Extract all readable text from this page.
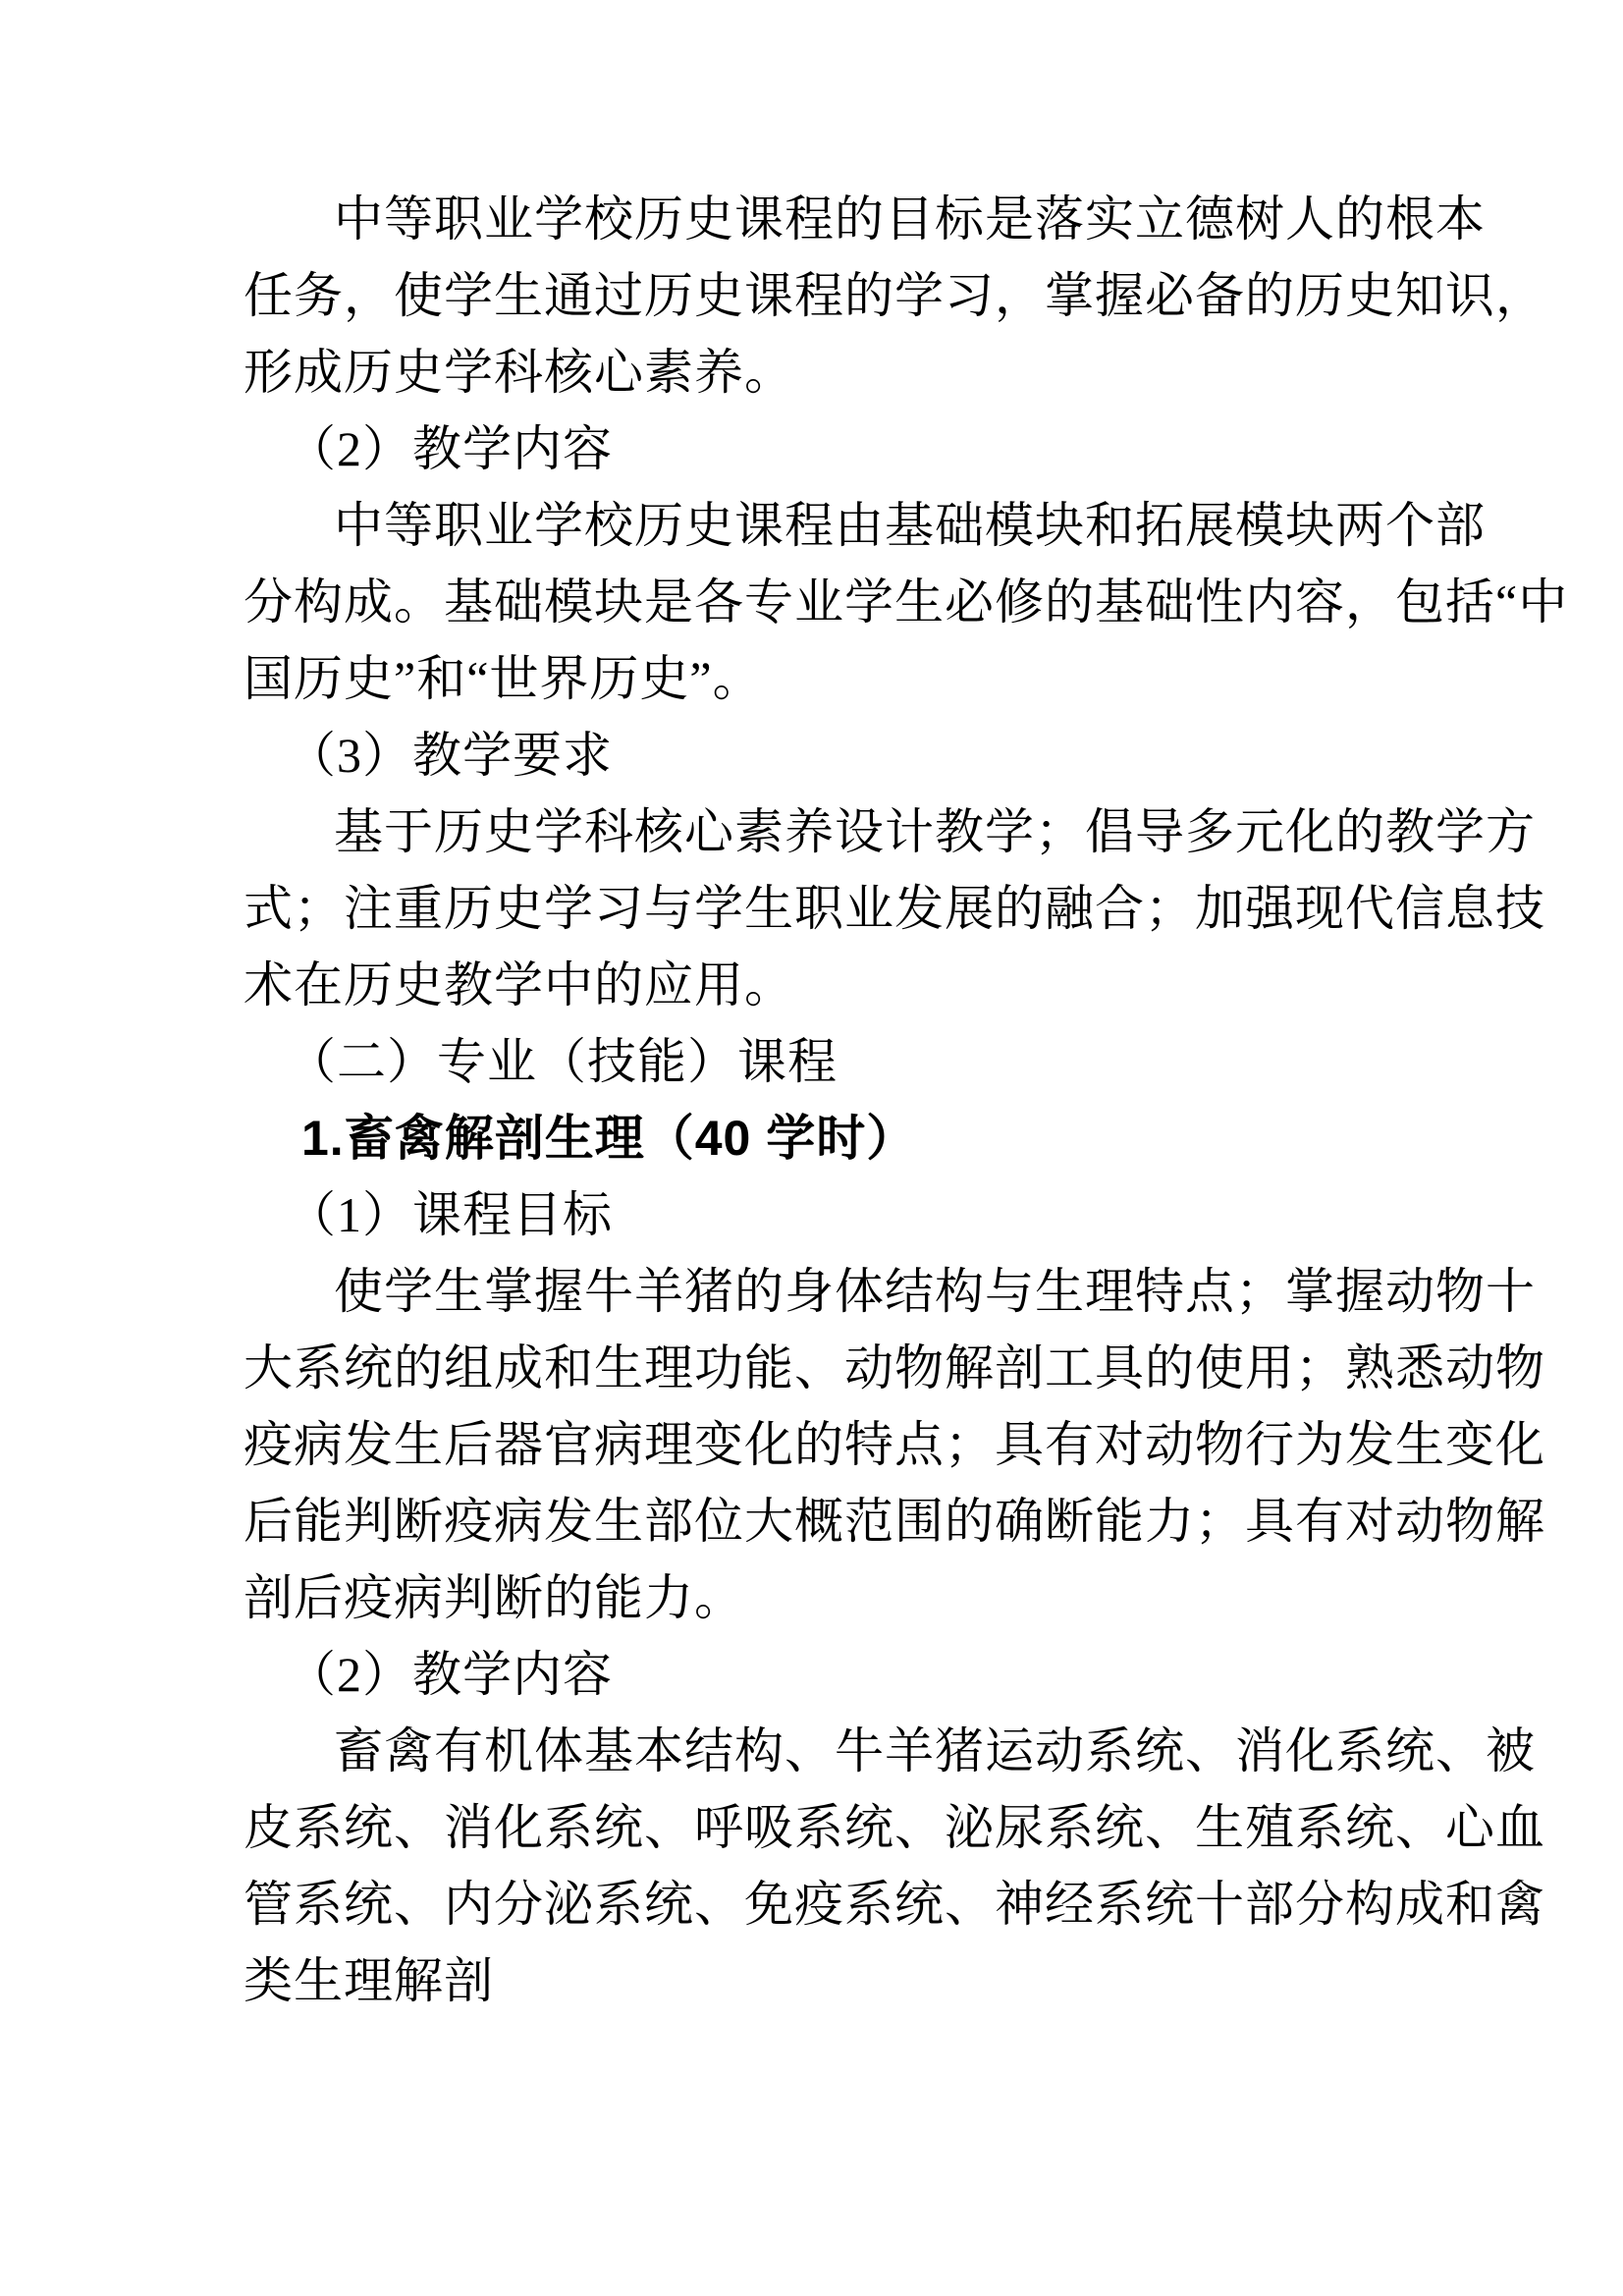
中等职业学校历史课程的目标是落实立德树人的根本
任务，使学生通过历史课程的学习，掌握必备的历史知识，
形成历史学科核心素养。
（2）教学内容
中等职业学校历史课程由基础模块和拓展模块两个部
分构成。基础模块是各专业学生必修的基础性内容，包括“中
国历史”和“世界历史”。
（3）教学要求
基于历史学科核心素养设计教学；倡导多元化的教学方
式；注重历史学习与学生职业发展的融合；加强现代信息技
术在历史教学中的应用。
（二）专业（技能）课程
1.畜禽解剖生理（40 学时）
（1）课程目标
使学生掌握牛羊猪的身体结构与生理特点；掌握动物十
大系统的组成和生理功能、动物解剖工具的使用；熟悉动物
疫病发生后器官病理变化的特点；具有对动物行为发生变化
后能判断疫病发生部位大概范围的确断能力；具有对动物解
剖后疫病判断的能力。
（2）教学内容
畜禽有机体基本结构、牛羊猪运动系统、消化系统、被
皮系统、消化系统、呼吸系统、泌尿系统、生殖系统、心血
管系统、内分泌系统、免疫系统、神经系统十部分构成和禽
类生理解剖
